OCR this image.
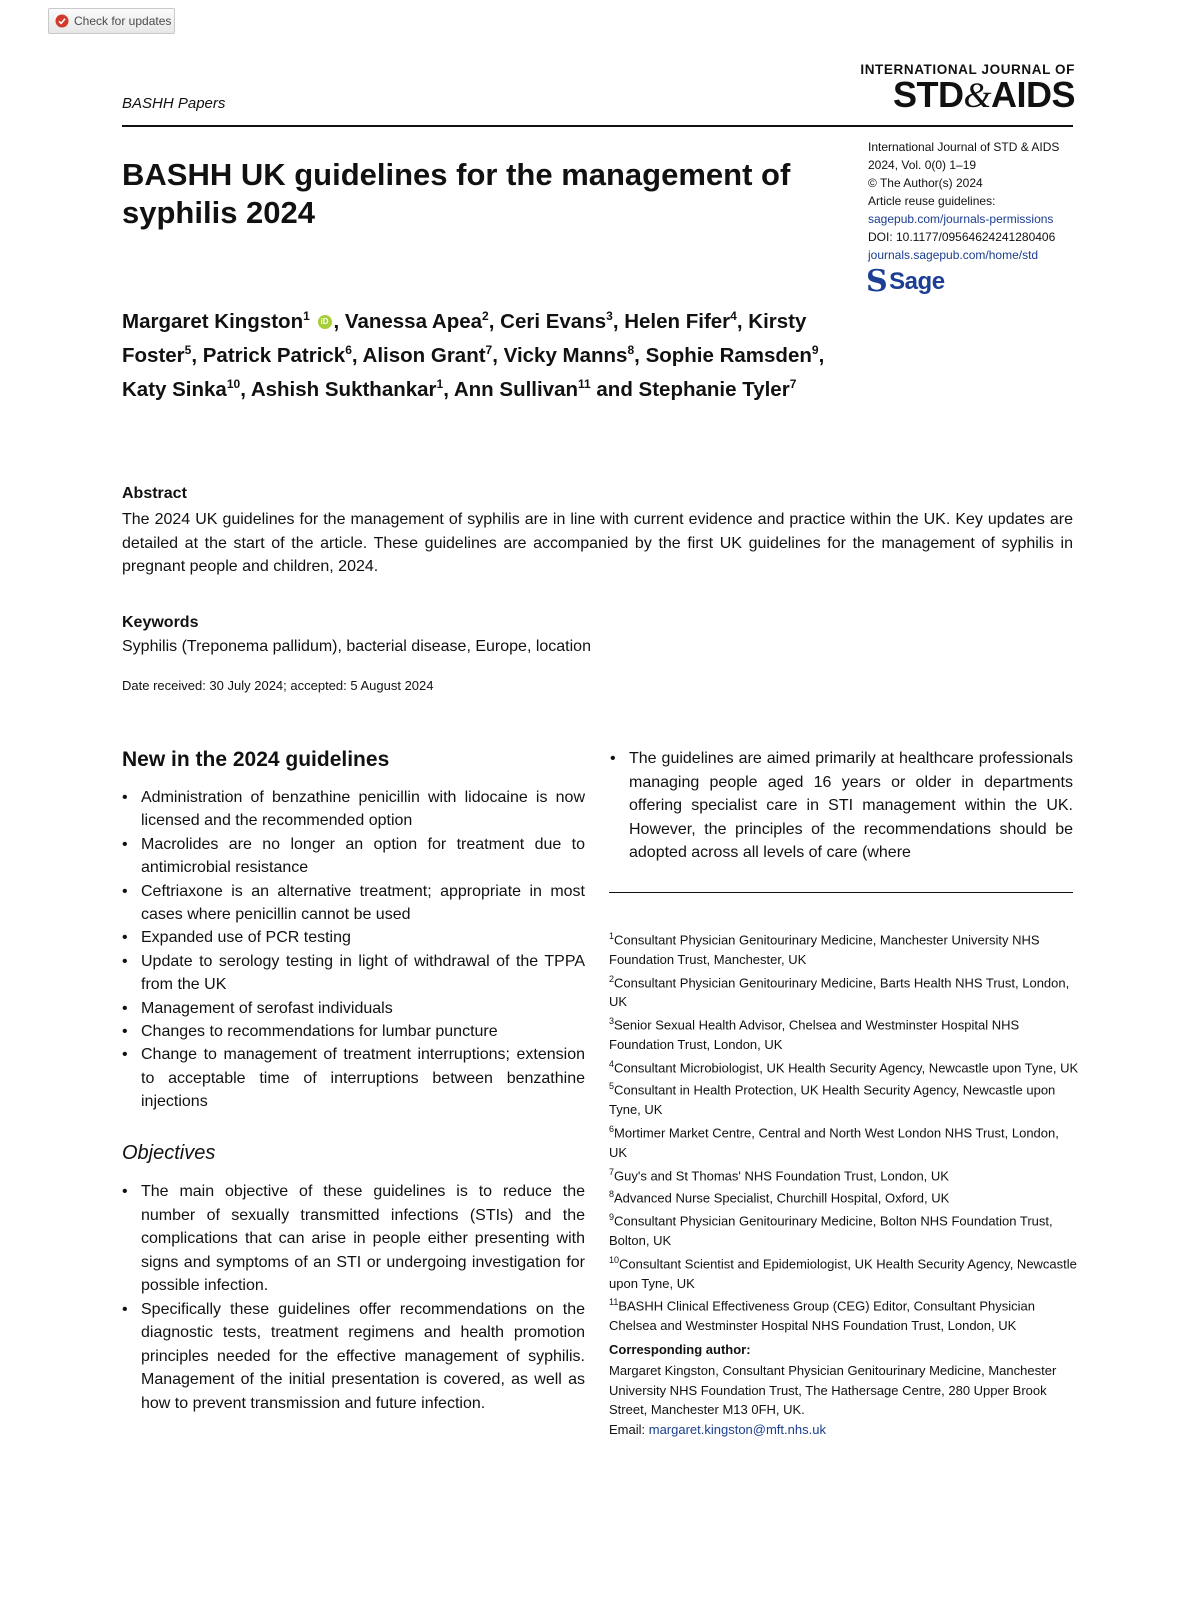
Check for updates
BASHH Papers
INTERNATIONAL JOURNAL OF
STD&AIDS
BASHH UK guidelines for the management of syphilis 2024
International Journal of STD & AIDS
2024, Vol. 0(0) 1–19
© The Author(s) 2024
Article reuse guidelines:
sagepub.com/journals-permissions
DOI: 10.1177/09564624241280406
journals.sagepub.com/home/std
S Sage
Margaret Kingston$^1$ iD , Vanessa Apea$^2$, Ceri Evans$^3$, Helen Fifer$^4$, Kirsty Foster$^5$, Patrick Patrick$^6$, Alison Grant$^7$, Vicky Manns$^8$, Sophie Ramsden$^9$, Katy Sinka$^{10}$, Ashish Sukthankar$^1$, Ann Sullivan$^{11}$ and Stephanie Tyler$^7$
Abstract
The 2024 UK guidelines for the management of syphilis are in line with current evidence and practice within the UK. Key updates are detailed at the start of the article. These guidelines are accompanied by the first UK guidelines for the management of syphilis in pregnant people and children, 2024.
Keywords
Syphilis (Treponema pallidum), bacterial disease, Europe, location
Date received: 30 July 2024; accepted: 5 August 2024
New in the 2024 guidelines
• Administration of benzathine penicillin with lidocaine is now licensed and the recommended option
• Macrolides are no longer an option for treatment due to antimicrobial resistance
• Ceftriaxone is an alternative treatment; appropriate in most cases where penicillin cannot be used
• Expanded use of PCR testing
• Update to serology testing in light of withdrawal of the TPPA from the UK
• Management of serofast individuals
• Changes to recommendations for lumbar puncture
• Change to management of treatment interruptions; extension to acceptable time of interruptions between benzathine injections
Objectives
• The main objective of these guidelines is to reduce the number of sexually transmitted infections (STIs) and the complications that can arise in people either presenting with signs and symptoms of an STI or undergoing investigation for possible infection.
• Specifically these guidelines offer recommendations on the diagnostic tests, treatment regimens and health promotion principles needed for the effective management of syphilis. Management of the initial presentation is covered, as well as how to prevent transmission and future infection.
• The guidelines are aimed primarily at healthcare professionals managing people aged 16 years or older in departments offering specialist care in STI management within the UK. However, the principles of the recommendations should be adopted across all levels of care (where
$^1$Consultant Physician Genitourinary Medicine, Manchester University NHS Foundation Trust, Manchester, UK
$^2$Consultant Physician Genitourinary Medicine, Barts Health NHS Trust, London, UK
$^3$Senior Sexual Health Advisor, Chelsea and Westminster Hospital NHS Foundation Trust, London, UK
$^4$Consultant Microbiologist, UK Health Security Agency, Newcastle upon Tyne, UK
$^5$Consultant in Health Protection, UK Health Security Agency, Newcastle upon Tyne, UK
$^6$Mortimer Market Centre, Central and North West London NHS Trust, London, UK
$^7$Guy's and St Thomas' NHS Foundation Trust, London, UK
$^8$Advanced Nurse Specialist, Churchill Hospital, Oxford, UK
$^9$Consultant Physician Genitourinary Medicine, Bolton NHS Foundation Trust, Bolton, UK
$^{10}$Consultant Scientist and Epidemiologist, UK Health Security Agency, Newcastle upon Tyne, UK
$^{11}$BASHH Clinical Effectiveness Group (CEG) Editor, Consultant Physician Chelsea and Westminster Hospital NHS Foundation Trust, London, UK
Corresponding author:
Margaret Kingston, Consultant Physician Genitourinary Medicine, Manchester University NHS Foundation Trust, The Hathersage Centre, 280 Upper Brook Street, Manchester M13 0FH, UK.
Email: margaret.kingston@mft.nhs.uk
